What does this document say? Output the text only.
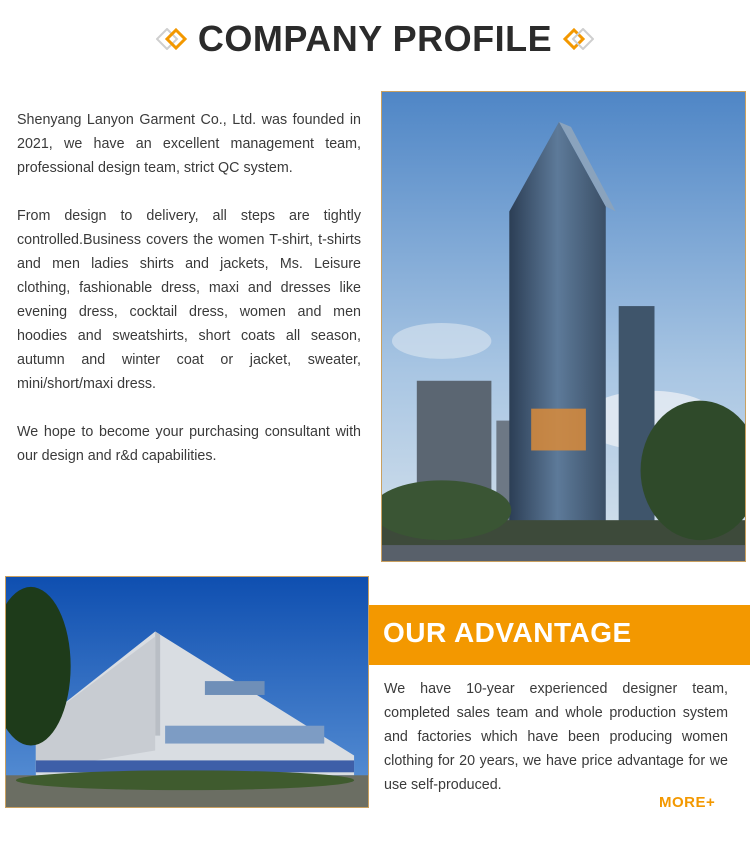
COMPANY PROFILE

Shenyang Lanyon Garment Co., Ltd. was founded in 2021, we have an excellent management team, professional design team, strict QC system.

From design to delivery, all steps are tightly controlled.Business covers the women T-shirt, t-shirts and men ladies shirts and jackets, Ms. Leisure clothing, fashionable dress, maxi and dresses like evening dress, cocktail dress, women and men hoodies and sweatshirts, short coats all season, autumn and winter coat or jacket, sweater, mini/short/maxi dress.

We hope to become your purchasing consultant with our design and r&d capabilities.

OUR ADVANTAGE

We have 10-year experienced designer team, completed sales team and whole production system and factories which have been producing women clothing for 20 years, we have price advantage for we use self-produced.

MORE+
